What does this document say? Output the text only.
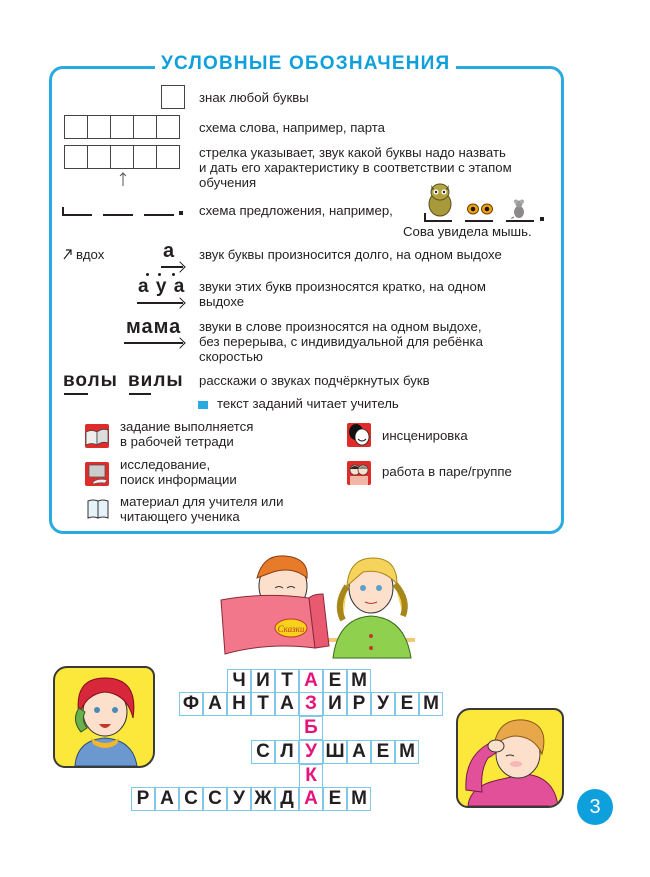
УСЛОВНЫЕ ОБОЗНАЧЕНИЯ
знак любой буквы
схема слова, например, парта
стрелка указывает, звук какой буквы надо назвать
и дать его характеристику в соответствии с этапом
обучения
схема предложения, например,
Сова увидела мышь.
вдох	а звук буквы произносится долго, на одном выдохе
а у а звуки этих букв произносятся кратко, на одном
выдохе
мама звуки в слове произносятся на одном выдохе,
без перерыва, с индивидуальной для ребёнка
скоростью
волы вилы расскажи о звуках подчёркнутых букв
текст заданий читает учитель
задание выполняется
в рабочей тетради
исследование,
поиск информации
материал для учителя или
читающего ученика
инсценировка
работа в паре/группе
Сказки
Ч И Т А Е М
Ф А Н Т А З И Р У Е М
Б
С Л У Ш А Е М
К
Р А С С У Ж Д А Е М	3
